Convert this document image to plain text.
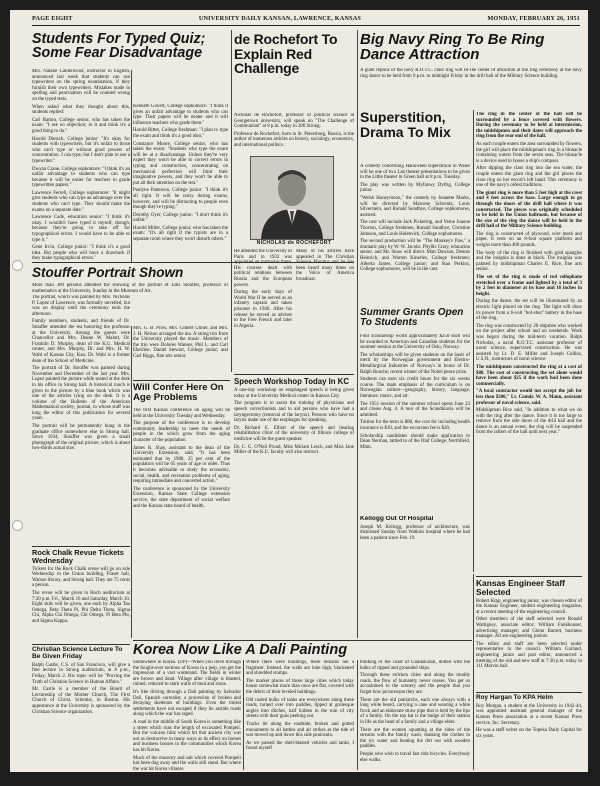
PAGE EIGHT	UNIVERSITY DAILY KANSAN, LAWRENCE, KANSAS	MONDAY, FEBRUARY 26, 1951

Students For Typed Quiz; Some Fear Disadvantage

Mrs. Natalie Calderwood, instructor in English, announced last week that students can use typewriters on the spring examination, if they furnish their own typewriters. Mistakes made in spelling and punctuation will be counted wrong on the typed tests.

When asked what they thought about this, students replied:

Carl Barton, College senior, who has taken the exam: "I see no objection; to it and think it's a good thing to do."

Harold Dietsch, College junior: "It's okay for students with typewriters, but it's unfair to those who can't type or without good powers of concentration. I can type, but I don't plan to use a typewriter."

Dwyna Crane, College sophomore: "I think it's an unfair advantage to students who can type because it will be easier for teachers to grade typewritten papers."

Lawrence Ferrell, College sophomore: "It might give students who can type an advantage over the students who can't type. They should make the exams on a separate date."

Lawrence Cade, education senior: "I think it's okay. I wouldn't have typed it myself, though, because they're going to take off for typographical errors. I would have to be able to type it."

Gene Irvin, College junior: "I think it's a good idea. But people who will have a drawback if they make typographical errors."

Kenneth Govert, College sophomore: "I think it gives an unfair advantage to students who can type. Their papers will be neater and it will influence teachers who grade them."

Harold Ritter, College freshman: "I plan to type the exam and think it's a good idea."

Constance Moore, College senior, who has taken the exam: "Students who type the exam will be at a disadvantage. Unless they're very expert they won't be able to correct errors in typing and construction, concentrating on mechanical perfection will limit their imaginative powers, and they won't be able to put all their attention on the test."

Paulyne Patterson, College junior: "I think it's all right. It will be noisy during exams, however, and will be distracting to people even though they're typing."

Dorothy Oyer, College junior: "I don't think it's unfair."

Harold Miller, College junior, who has taken the exam: "It's all right if the typists are in a separate room where they won't disturb others."

de Rochefort To Explain Red Challenge

Nicholas de Rochefort, professor of political science at Georgetown university, will speak on "The Challenge of Communism" at 8 p.m. today in 206 Strong.

Professor de Rochefort, born in St. Petersburg, Russia, is the author of numerous articles on history, sociology, economics, and international politics.

NICHOLAS de ROCHEFORT

He attended the University of Paris and in 1932 was appointed an instructor there. His courses dealt with political relations between Russia and the European powers.

During the early days of World War II he served as an infantry captain and taken prisoner in 1940. After his release he served as adviser to the Free French and later in Algeria.

Many of his articles have appeared in The Christian Science Monitor and he has been heard many times on the Voice of America broadcast.

Big Navy Ring To Be Ring Dance Attraction

A giant replica of the navy R.O.T.C. class ring will be the center of attraction at the ring ceremony at the navy ring dance to be held from 9 p.m. to midnight Friday in the drill hall of the Military Science building.

Superstition, Drama To Mix

A comedy concerning Halloween superstition in Wales will be one of two Lab theater presentations to be given in the Little theater in Green hall at 8 p.m. Tuesday.

The play was written by Myfanwy Dyfrig, College junior.

"Welsh Honeymoon," the comedy by Jeanette Marks, will be directed by Marcene Schrontz, Louis Silverstein, and Ronald Sundbye, College sophomores, assisted.

The cast will include Jack Pickering, and Verne Joanne Thorton, College freshmen, Ronald Sundbye, Christine Johnson, and Louis Hulenvick, College sophomores.

The second production will be "The Monkey's Paw," a dramatic play by W. W. Jacobs. Phyllis Crary, education senior, and Mr. Shaw will direct. Matt Dawson, Dennis Heinrich, and Warren Kinerles, College freshmen; Alberta James, College junior; and Stan Perkins, College sophomores, will be in the cast.

Summer Grants Open To Students

Four scholarship worth approximately $250 each will be awarded to American and Canadian students for the summer session at the University of Oslo, Norway.

The scholarships will be given students on the basis of merit by the Norwegian government and Electro-Metallurgical Industries of Norway's in honor of Dr. Ralph Bunche, recent winner of the Nobel peace prize.

Students can earn six credit hours for the six weeks course. The main emphasis of the curriculum is on Norwegian culture—geography, history, language, literature, music, and art.

The 1951 session of the summer school opens June 23 and closes Aug. 4. A tour of the Scandinavia will be admitted.

Tuition for the term is $80, the cost for including health insurance is $10, and the excursion fee is $20.

Scholarship candidates should make application to Dean Nerman, tattled to of the Olaf College, Northfield, Minn.

Kellogg Out Of Hospital

Joseph M. Kellogg, professor of architecture, was dismissed Sunday from Watkins hospital where he had been a patient since Feb. 19.

The ring in the center of the hall will be surrounded by a fence covered with flowers. During the ceremony to be held at intermission, the midshipmen and their dates will approach the ring from the rear end of the hall.

As each couple enters the area surrounded by flowers, the girl will place the midshipman's ring in a binnacle containing waters from the seven seas. The binnacle is a device used to house a ship's compass.

After dipping the class ring into the sea water, the couple enters the giant ring and the girl places the class ring on her escort's left hand. This ceremony is one of the navy's oldest traditions.

The giant ring is more than 5 feet high at the crest and 4 feet across the base. Large enough to go through the doors of the drill hall where it was constructed. The pieces was originally scheduled to be held in the Union ballroom, but because of the size of the ring the dance will be held in the drill hall of the Military Science building.

The ring is constructed of plywood, wire mesh and paper. It rests on an 8-foot square platform and weighs more than 400 pounds.

The body of the ring is finished with gold spangles and the insignia is done in black. The insignia was painted by midshipman Charles E. Rice, fine arts senior.

The set of the ring is made of red cellophane stretched over a frame and lighted by a total of 3 by 2 feet in diameter at its base and 16 inches in height.

During the dance, the set will be illuminated by an electric light placed on the ring. The light will draw its power from a 6-volt "hot-shot" battery in the base of the ring.

The ring was constructed by 20 shipmen who worked on the project after school and on weekends. Work was begun during the mid-term vacation. Ralph Nicholas, a naval R.O.T.C. assistant professor of naval science, supervised construction. He was assisted by Lt. D. E. Miller and Joseph Collins, U.S.N., instructors of naval science.

The midshipmen constructed the ring at a cost of $80. The cost of constructing the set alone would have been about $25 if the work had been done commercially.

"A local contractor would not accept the job for less than $300," Lt. Comdr. W. A. Mann, assistant professor of naval science, said.

Midshipman Rice said, "In addition to what we do with the ring after the dance. Since it is too large to remove from the side doors of the drill hall and the dance is an annual event, the ring will be suspended from the rafters of the hall until next year."

Stouffer Portrait Shown

More than 300 persons attended the showing of the portrait of Ellis Stouffer, professor of mathematics at the University, Sunday in the Museum of Art.

The portrait, which was painted by Mrs. Nicholas P. Lopez of Lawrence, was formally unveiled, but was on display until the ceremony ends the afternoon.

Family members, students, and friends of Dr. Stouffer attended the tea honoring the professor at the University. Among the guests were Chancellor and Mrs. Deane W. Malott, Dr. Franklin D. Murphy, dean of the K.U. Medical center, and Mrs. Murphy, Dr. and Mrs. H. W. Wahl of Kansas City, Kan. Dr. Wahl is a former dean of the School of Medicine.

The portrait of Dr. Stouffer was painted during November and December of the last year. Mrs. Lopez painted the picture while seated at the desk in his office in Strong hall. A historical touch is given to the picture by a blue book which was one of the articles lying on the desk. It is a volume of the Bulletin of the American Mathematical society, journal, to whose staff was long the editor of this publication for several years.

The portrait will be permanently hung in the graduate office somewhere else in Strong hall. Since 1934, Stouffer was given a small photograph of the original picture, which is about two-thirds actual size.

Mrs. G. B. Prow, Mrs. Gilbert Ulmer, and Mrs. J. H. Nelson arranged the tea. A string trio from the University played the music. Members of the trio were Dolores Wanser, Phil L. and Carl Eberline. Daniel Stewart, College junior; and Carl Biggs, fine arts senior.

Will Confer Here On Age Problems

The first Kansas conference on aging will be held at the University Tuesday and Wednesday.

The purpose of the conference is to develop community leadership to meet the needs of people in the which grow from the aging character of the population.

James R. Shay, assistant to the dean of the University Extension, said, "It has been estimated that by 1980, 25 per cent of the population will be 65 years of age or older. Thus it becomes advisable to study the economic, social, health, and recreation problems of aging, requiring immediate and concerted action."

The conference is sponsored by the University Extension, Kansas State College extension service, the state department of social welfare and the Kansas state board of health.

Speech Workshop Today In KC

A one-day workshop on esophageal speech is being given today at the University Medical center in Kansas City.

The program is to assist the training of physicians and speech correctionists and to aid persons who have had a laryngectomy (removal of the larynx). Persons who have no larynx make use of the esophagus for speaking.

Dr. Richard E. Elliott of the speech and hearing rehabilitation clinic of the university of Illinois college of medicine will be the guest speaker.

Dr. C. G. O'Neil Proud, Miss Miriam Lesch, and Miss Jane Miller of the K.U. faculty will also instruct.

Rock Chalk Revue Tickets Wednesday

Tickets for the Rock Chalk revue will go on sale Wednesday in the Union building, Fraser hall, Watson library, and Strong hall. They are 75 cents a person.

The revue will be given in Hoch auditorium at 7:30 p.m. Fri., March 16 and Saturday, March 10. Eight skits will be given, one each by Alpha Tau Omega, Beta Theta Pi, Phi Delta Theta, Sigma Chi, Alpha Chi Omega, Chi Omega, Pi Beta Phi, and Sigma Kappa.

Korea Now Like A Dali Painting

Somewhere in Korea. (UP)—When you drive through the fought-over sections of Korea in a jeep, you get the impression of a vast wasteland. The fields in winter are brown and dead. Village after village is blasted, ruined, reduced to stark walls of mud and stone.

It's like driving through a Dali painting by Salvador Dali, Spanish surrealist, a procession of broken and decaying skeletons of buildings. Even the tiniest settlements have not escaped if they lie astride roads along which the war has raged.

A road in the middle of South Korea is something like a street which runs the length of excavated Pompeii. But the volcano blitz which hit that ancient city was not as destructive in many ways as its effect on homes and business houses in the communities which Korea has hit Korea.

Much of the masonry and salt which covered Pompeii has been dug away and the walls still stand. But where the war hit Korea villages

Where there were buildings, there remains not a fragment. Instead, the walls are lone high, blackened and shredded stumps.

The market places of those large cities which today house somewhat more than once are flat, covered with the debris of their leveled buildings.

Old rusted hulks of tanks are everywhere along these roads, turned over into paddies, tipped at grotesque angles into ditches, half hidden in the ruin of city streets with their guns peeking out.

Trucks lie along the roadside, broken and gutted monuments to all battles and air strikes as the tide of war moved up and down this side peninsula.

As we passed the shell-blasted vehicles and tanks, I found myself

thinking of the coast of Guadalcanal, dotted with the hulks of ripped and grounded ships.

Through these stricken cities and along the muddy roads, the flow of humanity never ceases. You get so accustomed to the scenery and the people that you forget how picturesque they are.

There are the old patriarchs, each one always with a long white beard, carrying a cane and wearing a white frock and an elaborate straw pipe that is held by the lips of a family. On the top hat is the badge of their station in life as the head of a family and a village elder.

There are the women squatting at the sides of the streams with the family wash, dunking the clothes in the icy water and beating the dirt out with wooden paddles.

People who wish to travel fast ride bicycles. Everybody else walks.

Christian Science Lecture To Be Given Friday

Ralph Castle, C.S. of San Francisco, will give a free lecture in Strong auditorium, at 8 p.m., Friday, March 2. His topic will be "Proving the Truth of Christian Science in Human Affairs."

Mr. Castle is a member of the Board of Lectureship of the Mother Church, The First Church of Christ, Scientist, in Boston. His appearance at the University is sponsored by the Christian Science organization.

Kansas Engineer Staff Selected

Robert Kipp, engineering junior, was chosen editor of the Kansas Engineer, student engineering magazine, at a recent meeting of the engineering council.

Other members of the staff selected were Ronald Wattigney, associate editor; William Funkhouser, advertising manager; and Glenn Barrett, business manager. All are engineering juniors.

The editor and staff are been selected under representative to the council. William Garland, engineering junior and past editor, announced a meeting of the old and new staff at 7:30 p.m. today in 111 Marvin hall.

Roy Hargan To KPA Helm

Roy Morgan, a student at the University in 1942-44, was appointed assistant general manager of the Kansas Press association at a recent Kansas Press service, Inc. Secretary.

He was a staff writer on the Topeka Daily Capital for six years.
